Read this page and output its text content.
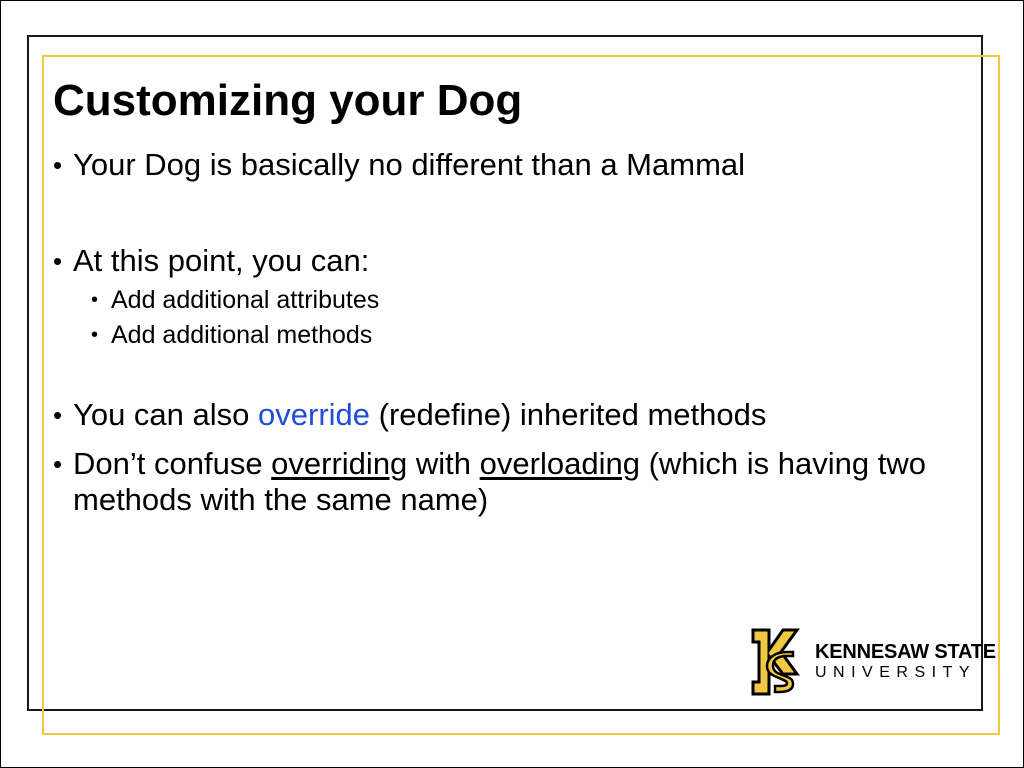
Customizing your Dog
• Your Dog is basically no different than a Mammal
• At this point, you can:
• Add additional attributes
• Add additional methods
• You can also override (redefine) inherited methods
• Don’t confuse overriding with overloading (which is having two methods with the same name)
KENNESAW STATE
UNIVERSITY
